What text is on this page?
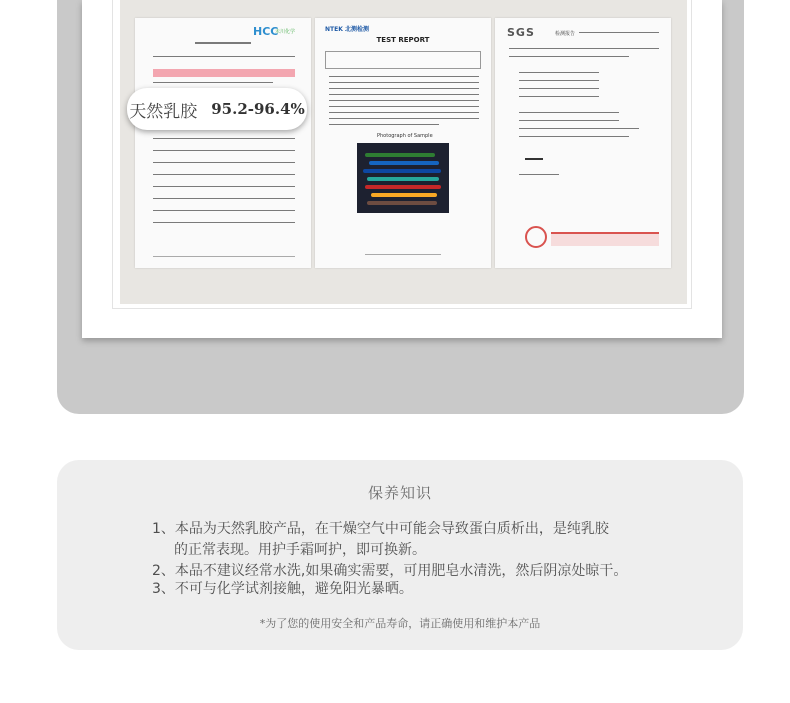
HCC
未川化学	NTEK 北测检测
TEST REPORT
Photograph of Sample
SGS	检测报告
天然乳胶 95.2-96.4%
保养知识
1、本品为天然乳胶产品，在干燥空气中可能会导致蛋白质析出，是纯乳胶
的正常表现。用护手霜呵护，即可换新。
2、本品不建议经常水洗,如果确实需要，可用肥皂水清洗，然后阴凉处晾干。
3、不可与化学试剂接触，避免阳光暴晒。
*为了您的使用安全和产品寿命，请正确使用和维护本产品
